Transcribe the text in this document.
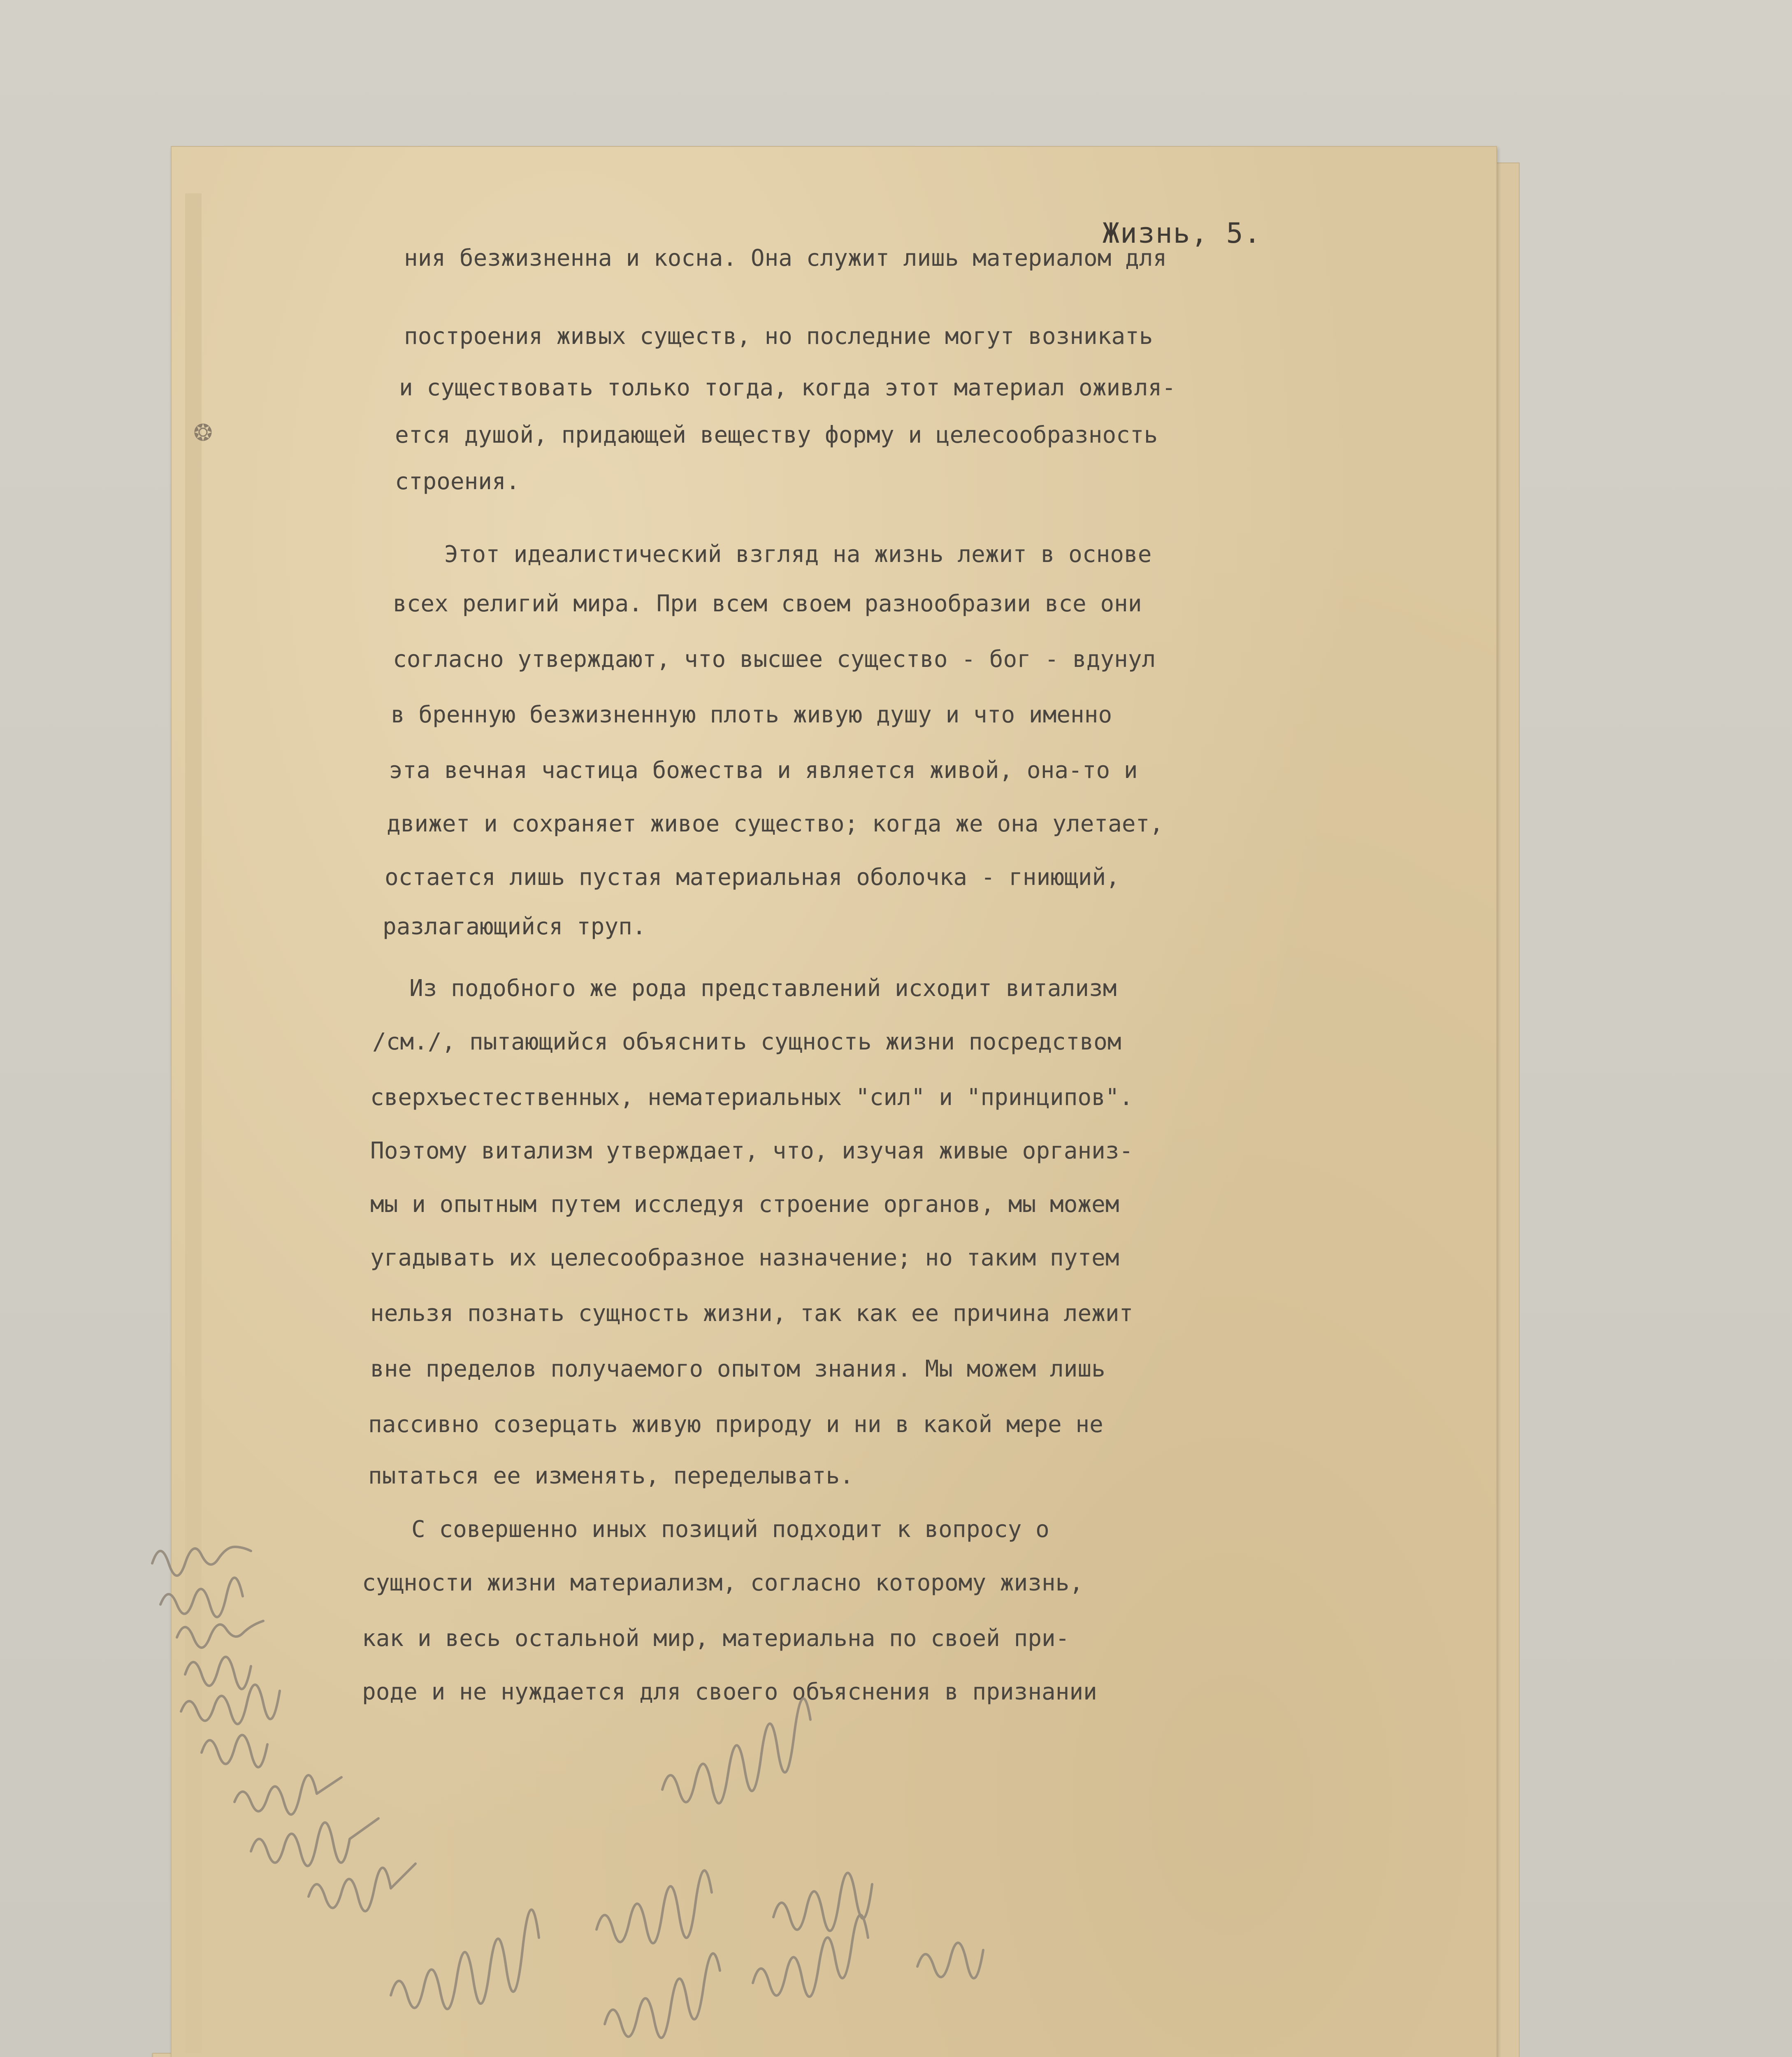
Жизнь, 5.
❂
ния безжизненна и косна. Она служит лишь материалом для
построения живых существ, но последние могут возникать
и существовать только тогда, когда этот материал оживля-
ется душой, придающей веществу форму и целесообразность
строения.
Этот идеалистический взгляд на жизнь лежит в основе
всех религий мира. При всем своем разнообразии все они
согласно утверждают, что высшее существо - бог - вдунул
в бренную безжизненную плоть живую душу и что именно
эта вечная частица божества и является живой, она-то и
движет и сохраняет живое существо; когда же она улетает,
остается лишь пустая материальная оболочка - гниющий,
разлагающийся труп.
Из подобного же рода представлений исходит витализм
/см./, пытающийся объяснить сущность жизни посредством
сверхъестественных, нематериальных "сил" и "принципов".
Поэтому витализм утверждает, что, изучая живые организ-
мы и опытным путем исследуя строение органов, мы можем
угадывать их целесообразное назначение; но таким путем
нельзя познать сущность жизни, так как ее причина лежит
вне пределов получаемого опытом знания. Мы можем лишь
пассивно созерцать живую природу и ни в какой мере не
пытаться ее изменять, переделывать.
С совершенно иных позиций подходит к вопросу о
сущности жизни материализм, согласно которому жизнь,
как и весь остальной мир, материальна по своей при-
роде и не нуждается для своего объяснения в признании
